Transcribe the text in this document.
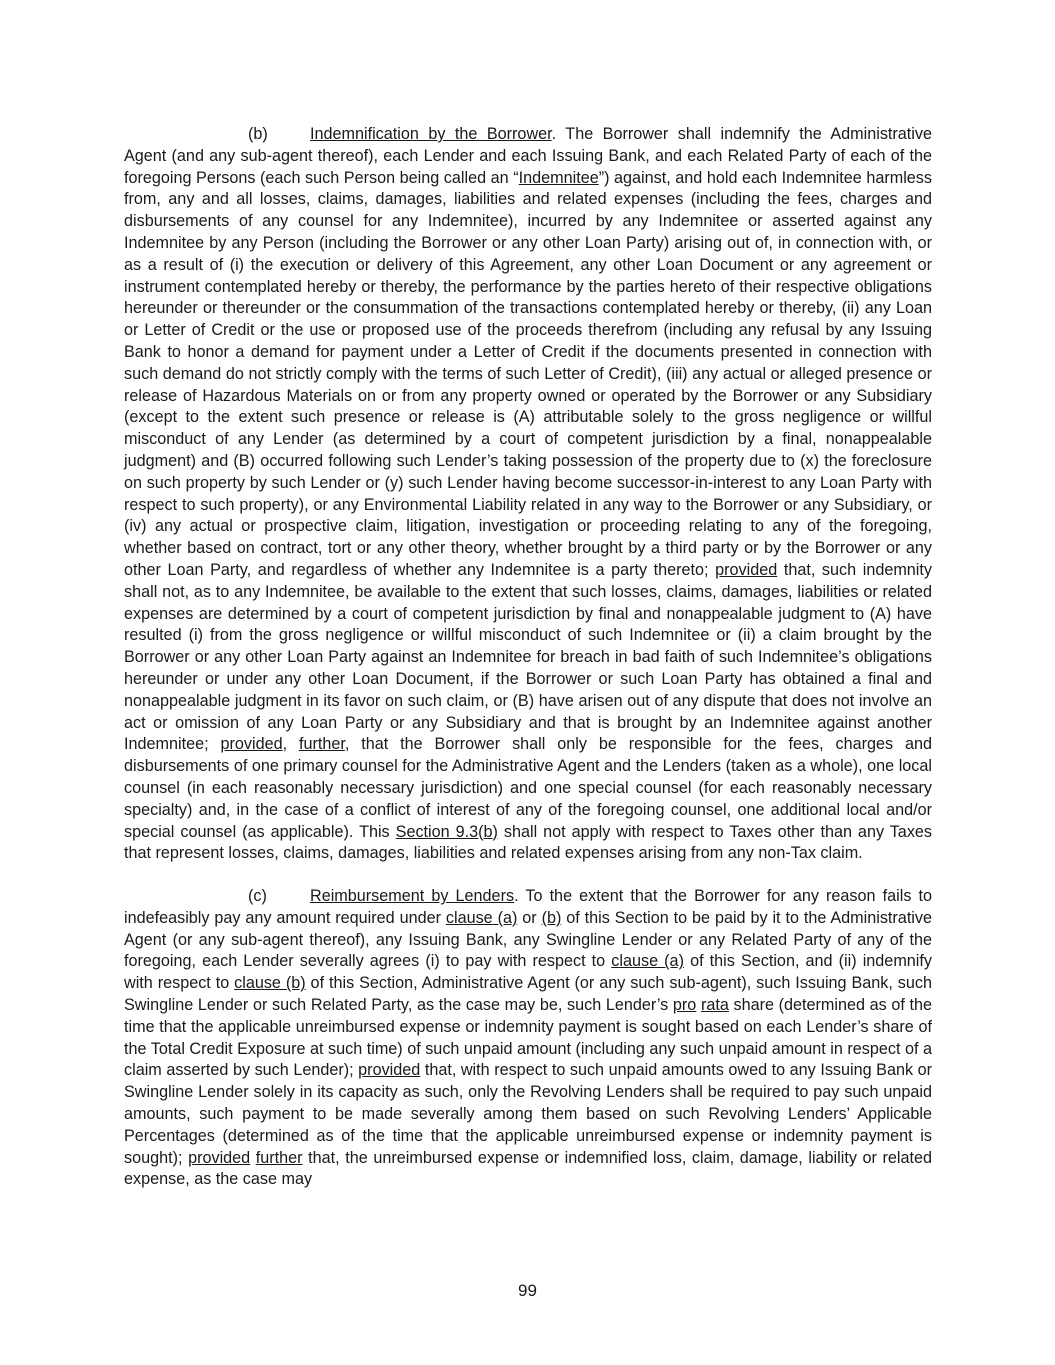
(b)	Indemnification by the Borrower. The Borrower shall indemnify the Administrative Agent (and any sub-agent thereof), each Lender and each Issuing Bank, and each Related Party of each of the foregoing Persons (each such Person being called an “Indemnitee”) against, and hold each Indemnitee harmless from, any and all losses, claims, damages, liabilities and related expenses (including the fees, charges and disbursements of any counsel for any Indemnitee), incurred by any Indemnitee or asserted against any Indemnitee by any Person (including the Borrower or any other Loan Party) arising out of, in connection with, or as a result of (i) the execution or delivery of this Agreement, any other Loan Document or any agreement or instrument contemplated hereby or thereby, the performance by the parties hereto of their respective obligations hereunder or thereunder or the consummation of the transactions contemplated hereby or thereby, (ii) any Loan or Letter of Credit or the use or proposed use of the proceeds therefrom (including any refusal by any Issuing Bank to honor a demand for payment under a Letter of Credit if the documents presented in connection with such demand do not strictly comply with the terms of such Letter of Credit), (iii) any actual or alleged presence or release of Hazardous Materials on or from any property owned or operated by the Borrower or any Subsidiary (except to the extent such presence or release is (A) attributable solely to the gross negligence or willful misconduct of any Lender (as determined by a court of competent jurisdiction by a final, nonappealable judgment) and (B) occurred following such Lender’s taking possession of the property due to (x) the foreclosure on such property by such Lender or (y) such Lender having become successor-in-interest to any Loan Party with respect to such property), or any Environmental Liability related in any way to the Borrower or any Subsidiary, or (iv) any actual or prospective claim, litigation, investigation or proceeding relating to any of the foregoing, whether based on contract, tort or any other theory, whether brought by a third party or by the Borrower or any other Loan Party, and regardless of whether any Indemnitee is a party thereto; provided that, such indemnity shall not, as to any Indemnitee, be available to the extent that such losses, claims, damages, liabilities or related expenses are determined by a court of competent jurisdiction by final and nonappealable judgment to (A) have resulted (i) from the gross negligence or willful misconduct of such Indemnitee or (ii) a claim brought by the Borrower or any other Loan Party against an Indemnitee for breach in bad faith of such Indemnitee’s obligations hereunder or under any other Loan Document, if the Borrower or such Loan Party has obtained a final and nonappealable judgment in its favor on such claim, or (B) have arisen out of any dispute that does not involve an act or omission of any Loan Party or any Subsidiary and that is brought by an Indemnitee against another Indemnitee; provided, further, that the Borrower shall only be responsible for the fees, charges and disbursements of one primary counsel for the Administrative Agent and the Lenders (taken as a whole), one local counsel (in each reasonably necessary jurisdiction) and one special counsel (for each reasonably necessary specialty) and, in the case of a conflict of interest of any of the foregoing counsel, one additional local and/or special counsel (as applicable). This Section 9.3(b) shall not apply with respect to Taxes other than any Taxes that represent losses, claims, damages, liabilities and related expenses arising from any non-Tax claim.

(c)	Reimbursement by Lenders. To the extent that the Borrower for any reason fails to indefeasibly pay any amount required under clause (a) or (b) of this Section to be paid by it to the Administrative Agent (or any sub-agent thereof), any Issuing Bank, any Swingline Lender or any Related Party of any of the foregoing, each Lender severally agrees (i) to pay with respect to clause (a) of this Section, and (ii) indemnify with respect to clause (b) of this Section, Administrative Agent (or any such sub-agent), such Issuing Bank, such Swingline Lender or such Related Party, as the case may be, such Lender’s pro rata share (determined as of the time that the applicable unreimbursed expense or indemnity payment is sought based on each Lender’s share of the Total Credit Exposure at such time) of such unpaid amount (including any such unpaid amount in respect of a claim asserted by such Lender); provided that, with respect to such unpaid amounts owed to any Issuing Bank or Swingline Lender solely in its capacity as such, only the Revolving Lenders shall be required to pay such unpaid amounts, such payment to be made severally among them based on such Revolving Lenders’ Applicable Percentages (determined as of the time that the applicable unreimbursed expense or indemnity payment is sought); provided further that, the unreimbursed expense or indemnified loss, claim, damage, liability or related expense, as the case may

99
